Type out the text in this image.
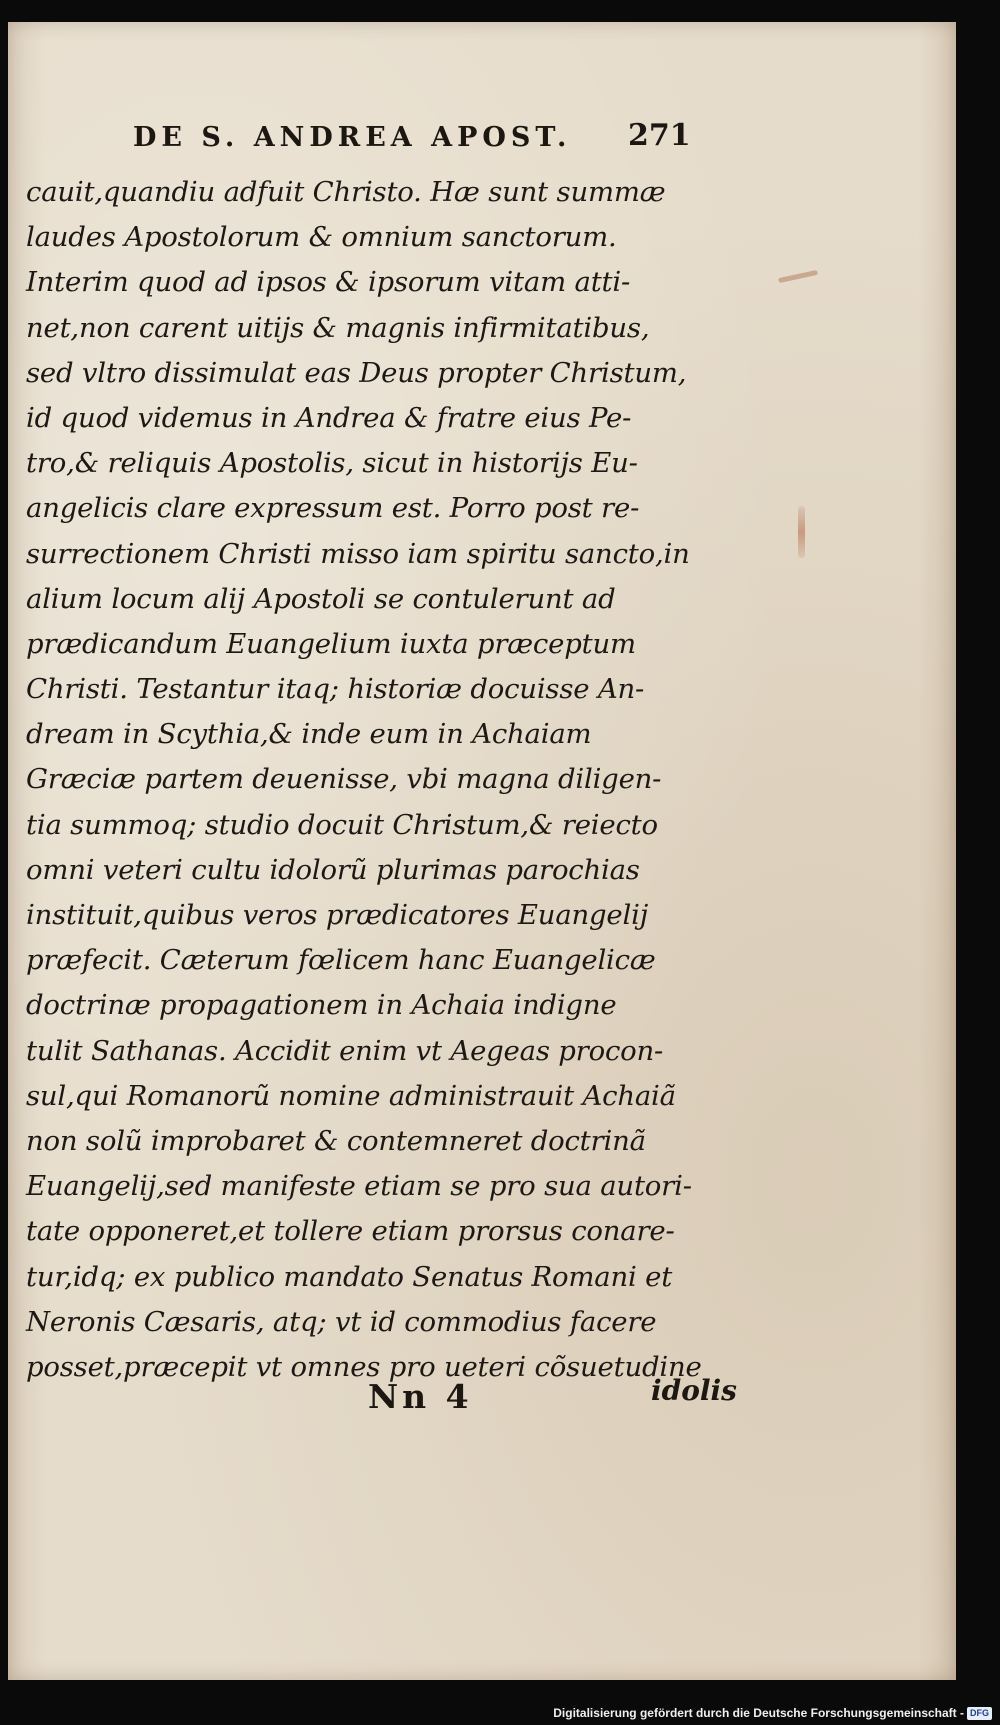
DE S. ANDREA APOST.	271
cauit,quandiu adfuit Christo. Hæ sunt summæ
laudes Apostolorum & omnium sanctorum.
Interim quod ad ipsos & ipsorum vitam atti-
net,non carent uitijs & magnis infirmitatibus,
sed vltro dissimulat eas Deus propter Christum,
id quod videmus in Andrea & fratre eius Pe-
tro,& reliquis Apostolis, sicut in historijs Eu-
angelicis clare expressum est. Porro post re-
surrectionem Christi misso iam spiritu sancto,in
alium locum alij Apostoli se contulerunt ad
prædicandum Euangelium iuxta præceptum
Christi. Testantur itaq; historiæ docuisse An-
dream in Scythia,& inde eum in Achaiam
Græciæ partem deuenisse, vbi magna diligen-
tia summoq; studio docuit Christum,& reiecto
omni veteri cultu idolorũ plurimas parochias
instituit,quibus veros prædicatores Euangelij
præfecit. Cæterum fœlicem hanc Euangelicæ
doctrinæ propagationem in Achaia indigne
tulit Sathanas. Accidit enim vt Aegeas procon-
sul,qui Romanorũ nomine administrauit Achaiã
non solũ improbaret & contemneret doctrinã
Euangelij,sed manifeste etiam se pro sua autori-
tate opponeret,et tollere etiam prorsus conare-
tur,idq; ex publico mandato Senatus Romani et
Neronis Cæsaris, atq; vt id commodius facere
posset,præcepit vt omnes pro ueteri cõsuetudine
Nn 4	idolis
Digitalisierung gefördert durch die Deutsche Forschungsgemeinschaft - DFG
